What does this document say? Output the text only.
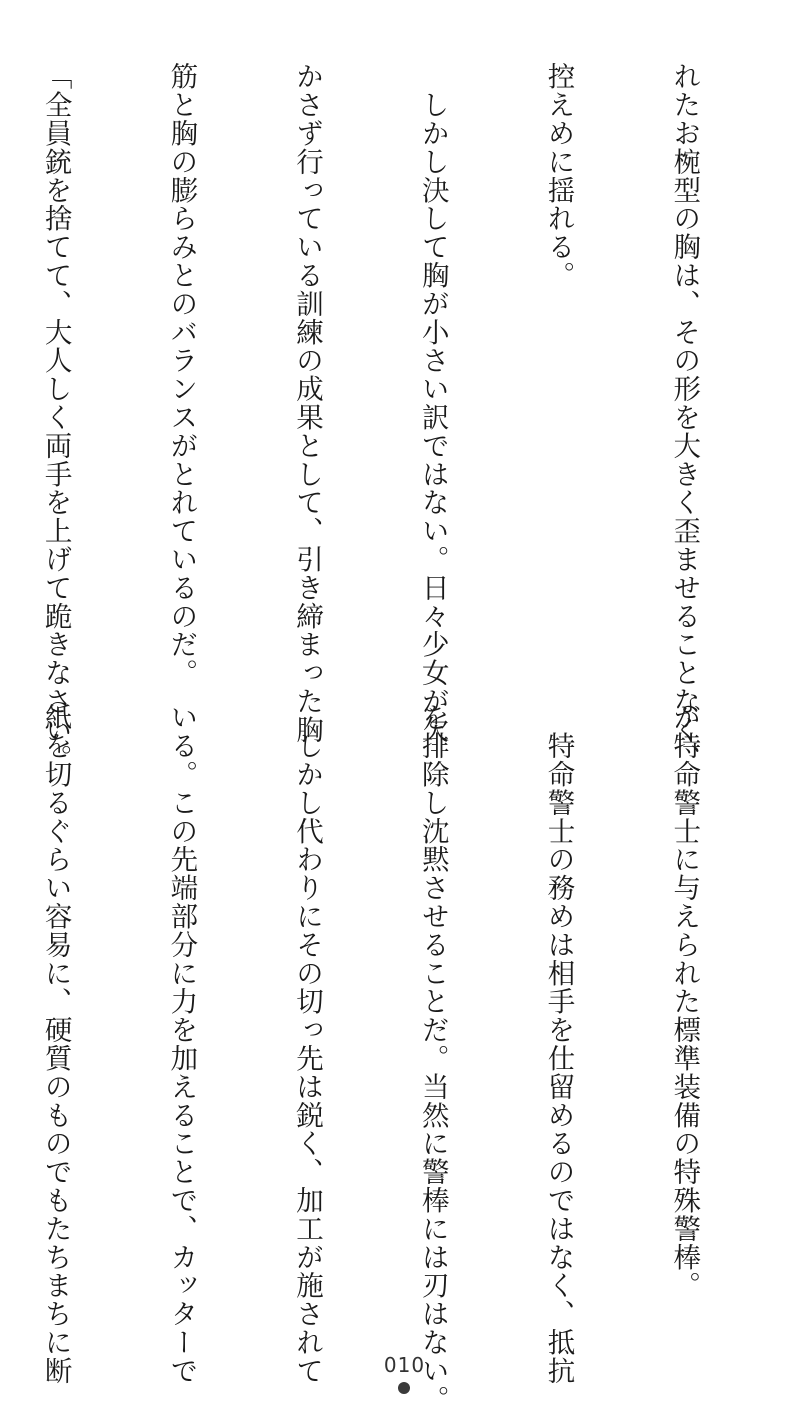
れたお椀型の胸は、その形を大きく歪ませることなく、

控えめに揺れる。

　しかし決して胸が小さい訳ではない。日々少女が欠

かさず行っている訓練の成果として、引き締まった胸

筋と胸の膨らみとのバランスがとれているのだ。

「全員銃を捨てて、大人しく両手を上げて跪きなさい。

が特命警士に与えられた標準装備の特殊警棒。

　特命警士の務めは相手を仕留めるのではなく、抵抗

を排除し沈黙させることだ。当然に警棒には刃はない。

　しかし代わりにその切っ先は鋭く、加工が施されて

いる。この先端部分に力を加えることで、カッターで

紙を切るぐらい容易に、硬質のものでもたちまちに断

	010
